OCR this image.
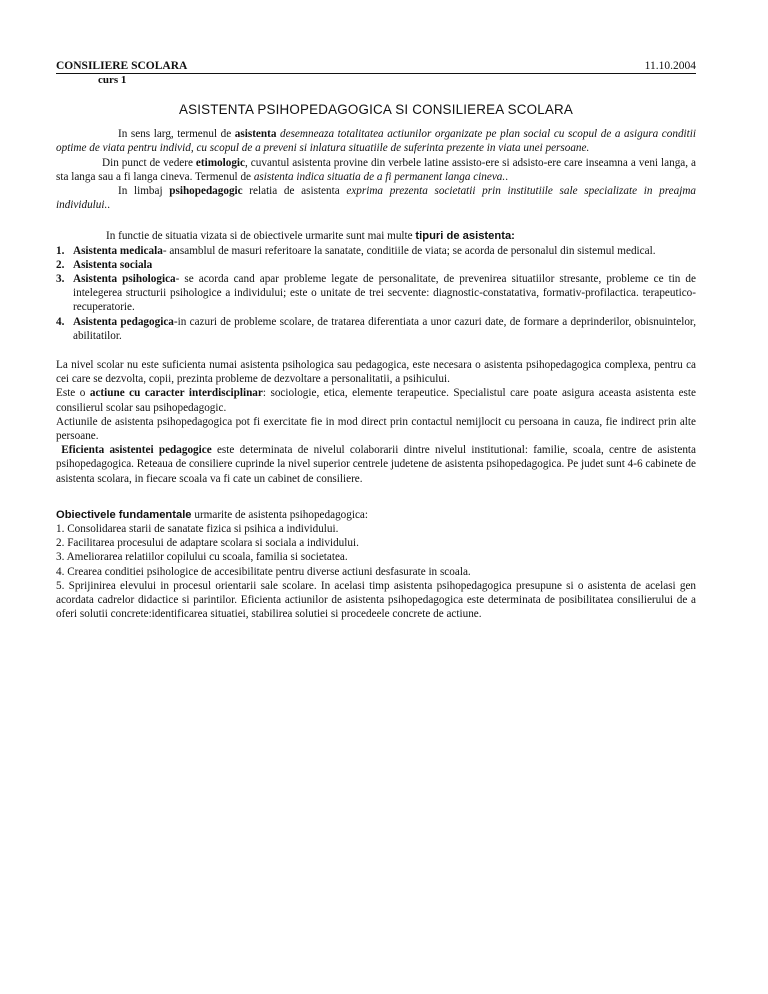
CONSILIERE SCOLARA	11.10.2004
curs 1
ASISTENTA PSIHOPEDAGOGICA SI CONSILIEREA SCOLARA

In sens larg, termenul de asistenta desemneaza totalitatea actiunilor organizate pe plan social cu scopul de a asigura conditii optime de viata pentru individ, cu scopul de a preveni si inlatura situatiile de suferinta prezente in viata unei persoane.

Din punct de vedere etimologic, cuvantul asistenta provine din verbele latine assisto-ere si adsisto-ere care inseamna a veni langa, a sta langa sau a fi langa cineva. Termenul de asistenta indica situatia de a fi permanent langa cineva..

In limbaj psihopedagogic relatia de asistenta exprima prezenta societatii prin institutiile sale specializate in preajma individului..

In functie de situatia vizata si de obiectivele urmarite sunt mai multe tipuri de asistenta:

1. Asistenta medicala- ansamblul de masuri referitoare la sanatate, conditiile de viata; se acorda de personalul din sistemul medical.
2. Asistenta sociala
3. Asistenta psihologica- se acorda cand apar probleme legate de personalitate, de prevenirea situatiilor stresante, probleme ce tin de intelegerea structurii psihologice a individului; este o unitate de trei secvente: diagnostic-constatativa, formativ-profilactica. terapeutico-recuperatorie.
4. Asistenta pedagogica-in cazuri de probleme scolare, de tratarea diferentiata a unor cazuri date, de formare a deprinderilor, obisnuintelor, abilitatilor.

La nivel scolar nu este suficienta numai asistenta psihologica sau pedagogica, este necesara o asistenta psihopedagogica complexa, pentru ca cei care se dezvolta, copii, prezinta probleme de dezvoltare a personalitatii, a psihicului.

Este o actiune cu caracter interdisciplinar: sociologie, etica, elemente terapeutice. Specialistul care poate asigura aceasta asistenta este consilierul scolar sau psihopedagogic.

Actiunile de asistenta psihopedagogica pot fi exercitate fie in mod direct prin contactul nemijlocit cu persoana in cauza, fie indirect prin alte persoane.

Eficienta asistentei pedagogice este determinata de nivelul colaborarii dintre nivelul institutional: familie, scoala, centre de asistenta psihopedagogica. Reteaua de consiliere cuprinde la nivel superior centrele judetene de asistenta psihopedagogica. Pe judet sunt 4-6 cabinete de asistenta scolara, in fiecare scoala va fi cate un cabinet de consiliere.

Obiectivele fundamentale urmarite de asistenta psihopedagogica:

1. Consolidarea starii de sanatate fizica si psihica a individului.
2. Facilitarea procesului de adaptare scolara si sociala a individului.
3. Ameliorarea relatiilor copilului cu scoala, familia si societatea.
4. Crearea conditiei psihologice de accesibilitate pentru diverse actiuni desfasurate in scoala.
5. Sprijinirea elevului in procesul orientarii sale scolare. In acelasi timp asistenta psihopedagogica presupune si o asistenta de acelasi gen acordata cadrelor didactice si parintilor. Eficienta actiunilor de asistenta psihopedagogica este determinata de posibilitatea consilierului de a oferi solutii concrete:identificarea situatiei, stabilirea solutiei si procedeele concrete de actiune.
